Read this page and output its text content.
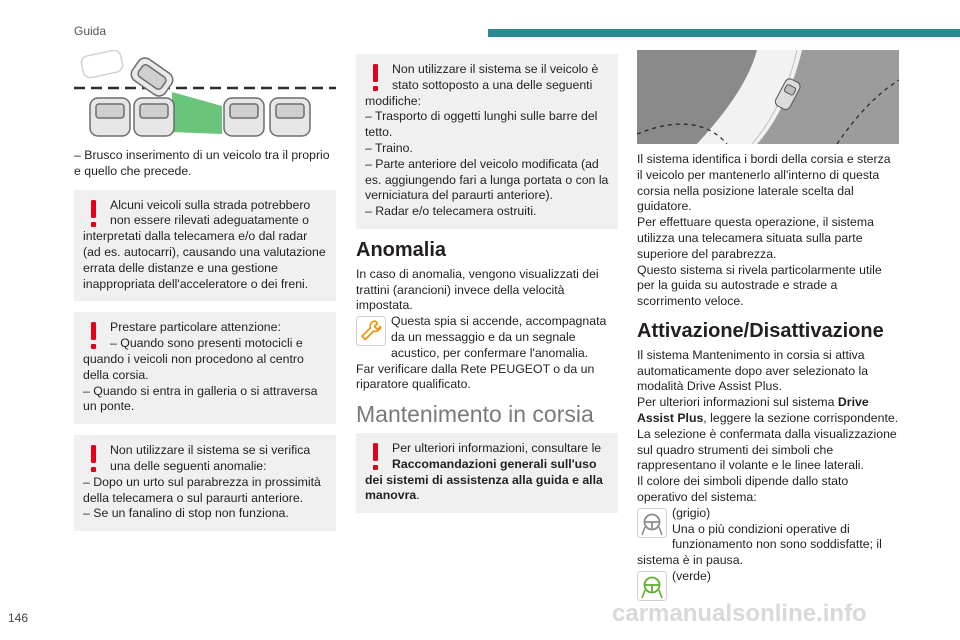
Guida

– Brusco inserimento di un veicolo tra il proprio e quello che precede.

Alcuni veicoli sulla strada potrebbero non essere rilevati adeguatamente o interpretati dalla telecamera e/o dal radar (ad es. autocarri), causando una valutazione errata delle distanze e una gestione inappropriata dell'acceleratore o dei freni.
Prestare particolare attenzione:
– Quando sono presenti motocicli e quando i veicoli non procedono al centro della corsia.
– Quando si entra in galleria o si attraversa un ponte.
Non utilizzare il sistema se si verifica una delle seguenti anomalie:
– Dopo un urto sul parabrezza in prossimità della telecamera o sul paraurti anteriore.
– Se un fanalino di stop non funziona.
Non utilizzare il sistema se il veicolo è stato sottoposto a una delle seguenti modifiche:
– Trasporto di oggetti lunghi sulle barre del tetto.
– Traino.
– Parte anteriore del veicolo modificata (ad es. aggiungendo fari a lunga portata o con la verniciatura del paraurti anteriore).
– Radar e/o telecamera ostruiti.
Anomalia

In caso di anomalia, vengono visualizzati dei trattini (arancioni) invece della velocità impostata.

Questa spia si accende, accompagnata da un messaggio e da un segnale acustico, per confermare l'anomalia.

Far verificare dalla Rete PEUGEOT o da un riparatore qualificato.

Mantenimento in corsia
Per ulteriori informazioni, consultare le Raccomandazioni generali sull'uso dei sistemi di assistenza alla guida e alla manovra.

Il sistema identifica i bordi della corsia e sterza il veicolo per mantenerlo all'interno di questa corsia nella posizione laterale scelta dal guidatore.

Per effettuare questa operazione, il sistema utilizza una telecamera situata sulla parte superiore del parabrezza.

Questo sistema si rivela particolarmente utile per la guida su autostrade e strade a scorrimento veloce.

Attivazione/Disattivazione

Il sistema Mantenimento in corsia si attiva automaticamente dopo aver selezionato la modalità Drive Assist Plus.

Per ulteriori informazioni sul sistema Drive Assist Plus, leggere la sezione corrispondente.

La selezione è confermata dalla visualizzazione sul quadro strumenti dei simboli che rappresentano il volante e le linee laterali.

Il colore dei simboli dipende dallo stato operativo del sistema:

(grigio)
Una o più condizioni operative di funzionamento non sono soddisfatte; il sistema è in pausa.
(verde)
146	carmanualsonline.info
